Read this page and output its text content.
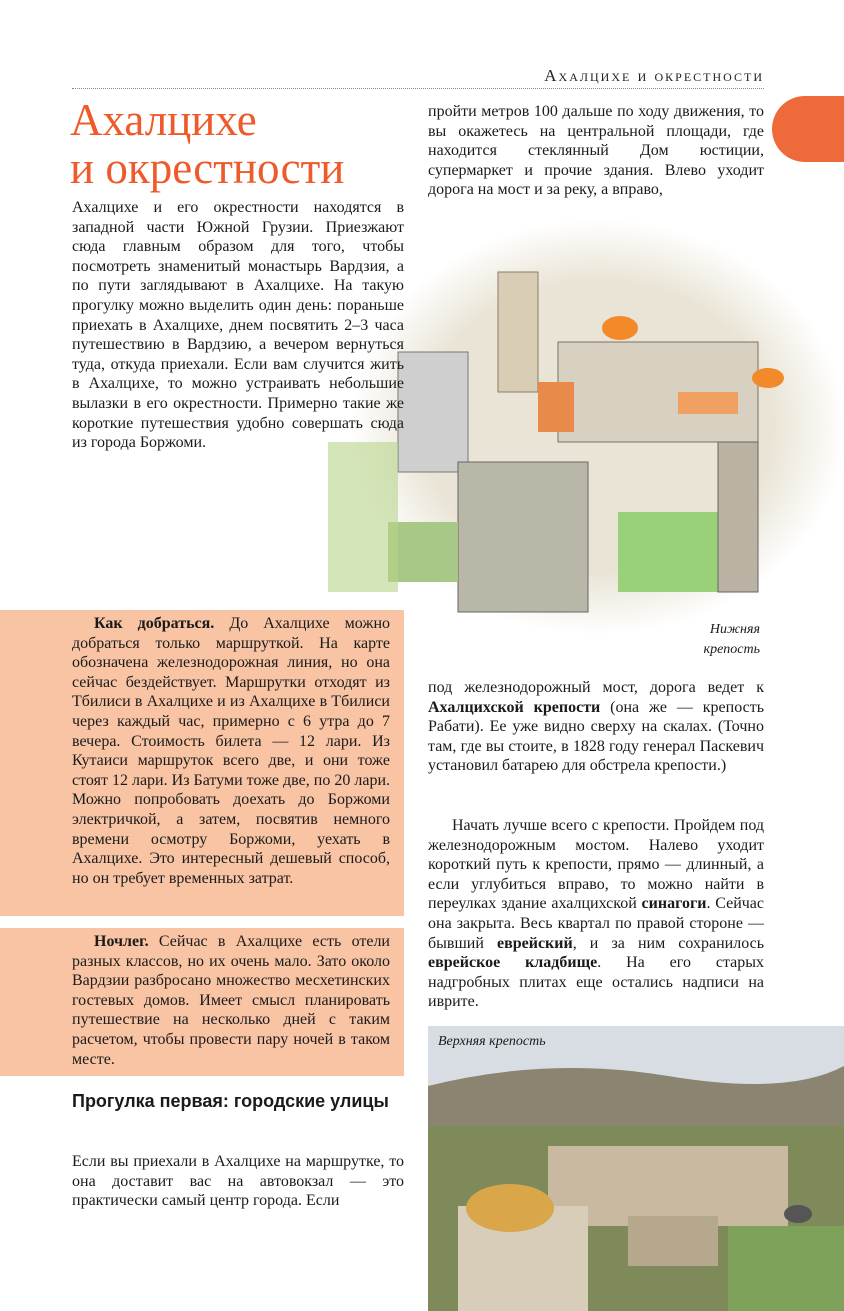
Ахалцихе и окрестности
Ахалцихе
и окрестности
Нижняя крепость

пройти метров 100 дальше по ходу движения, то вы окажетесь на центральной площади, где находится стеклянный Дом юстиции, супермаркет и прочие здания. Влево уходит дорога на мост и за реку, а вправо,

Ахалцихе и его окрестности находятся в западной части Южной Грузии. Приезжают сюда главным образом для того, чтобы посмотреть знаменитый монастырь Вардзия, а по пути заглядывают в Ахалцихе. На такую прогулку можно выделить один день: пораньше приехать в Ахалцихе, днем посвятить 2–3 часа путешествию в Вардзию, а вечером вернуться туда, откуда приехали. Если вам случится жить в Ахалцихе, то можно устраивать небольшие вылазки в его окрестности. Примерно такие же короткие путешествия удобно совершать сюда из города Боржоми.

Как добраться. До Ахалцихе можно добраться только маршруткой. На карте обозначена железнодорожная линия, но она сейчас бездействует. Маршрутки отходят из Тбилиси в Ахалцихе и из Ахалцихе в Тбилиси через каждый час, примерно с 6 утра до 7 вечера. Стоимость билета — 12 лари. Из Кутаиси маршруток всего две, и они тоже стоят 12 лари. Из Батуми тоже две, по 20 лари. Можно попробовать доехать до Боржоми электричкой, а затем, посвятив немного времени осмотру Боржоми, уехать в Ахалцихе. Это интересный дешевый способ, но он требует временных затрат.

Ночлег. Сейчас в Ахалцихе есть отели разных классов, но их очень мало. Зато около Вардзии разбросано множество месхетинских гостевых домов. Имеет смысл планировать путешествие на несколько дней с таким расчетом, чтобы провести пару ночей в таком месте.

Прогулка первая: городские улицы

Если вы приехали в Ахалцихе на маршрутке, то она доставит вас на автовокзал — это практически самый центр города. Если

под железнодорожный мост, дорога ведет к Ахалцихской крепости (она же — крепость Рабати). Ее уже видно сверху на скалах. (Точно там, где вы стоите, в 1828 году генерал Паскевич установил батарею для обстрела крепости.)

Начать лучше всего с крепости. Пройдем под железнодорожным мостом. Налево уходит короткий путь к крепости, прямо — длинный, а если углубиться вправо, то можно найти в переулках здание ахалцихской синагоги. Сейчас она закрыта. Весь квартал по правой стороне — бывший еврейский, и за ним сохранилось еврейское кладбище. На его старых надгробных плитах еще остались надписи на иврите.

Верхняя крепость
